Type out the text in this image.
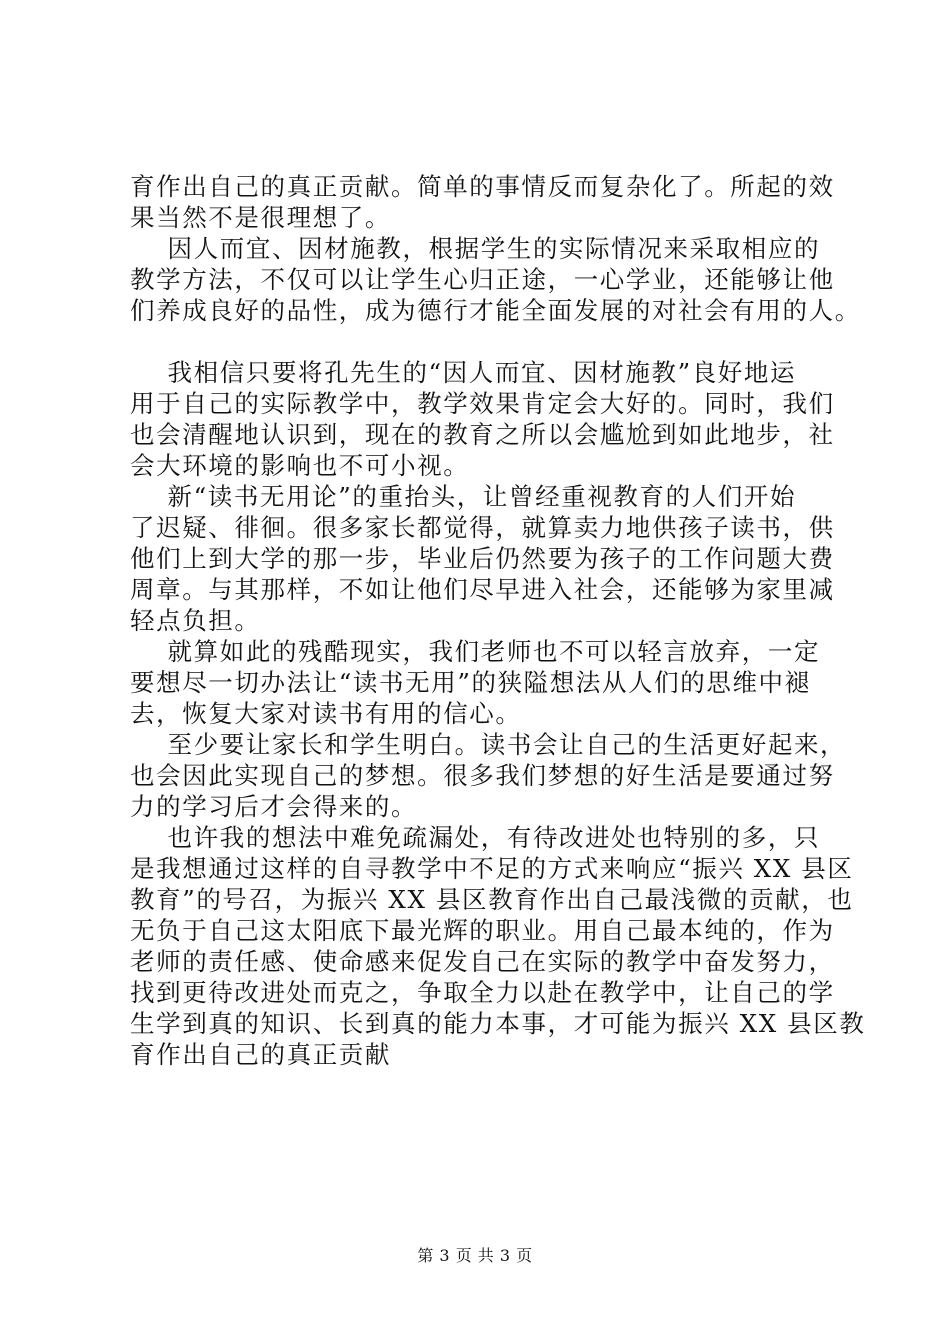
育作出自己的真正贡献。简单的事情反而复杂化了。所起的效
果当然不是很理想了。
因人而宜、因材施教，根据学生的实际情况来采取相应的
教学方法，不仅可以让学生心归正途，一心学业，还能够让他
们养成良好的品性，成为德行才能全面发展的对社会有用的人。
我相信只要将孔先生的“因人而宜、因材施教”良好地运
用于自己的实际教学中，教学效果肯定会大好的。同时，我们
也会清醒地认识到，现在的教育之所以会尴尬到如此地步，社
会大环境的影响也不可小视。
新“读书无用论”的重抬头，让曾经重视教育的人们开始
了迟疑、徘徊。很多家长都觉得，就算卖力地供孩子读书，供
他们上到大学的那一步，毕业后仍然要为孩子的工作问题大费
周章。与其那样，不如让他们尽早进入社会，还能够为家里减
轻点负担。
就算如此的残酷现实，我们老师也不可以轻言放弃，一定
要想尽一切办法让“读书无用”的狭隘想法从人们的思维中褪
去，恢复大家对读书有用的信心。
至少要让家长和学生明白。读书会让自己的生活更好起来，
也会因此实现自己的梦想。很多我们梦想的好生活是要通过努
力的学习后才会得来的。
也许我的想法中难免疏漏处，有待改进处也特别的多，只
是我想通过这样的自寻教学中不足的方式来响应“振兴 XX 县区
教育”的号召，为振兴 XX 县区教育作出自己最浅微的贡献，也
无负于自己这太阳底下最光辉的职业。用自己最本纯的，作为
老师的责任感、使命感来促发自己在实际的教学中奋发努力，
找到更待改进处而克之，争取全力以赴在教学中，让自己的学
生学到真的知识、长到真的能力本事，才可能为振兴 XX 县区教
育作出自己的真正贡献
第 3 页 共 3 页
